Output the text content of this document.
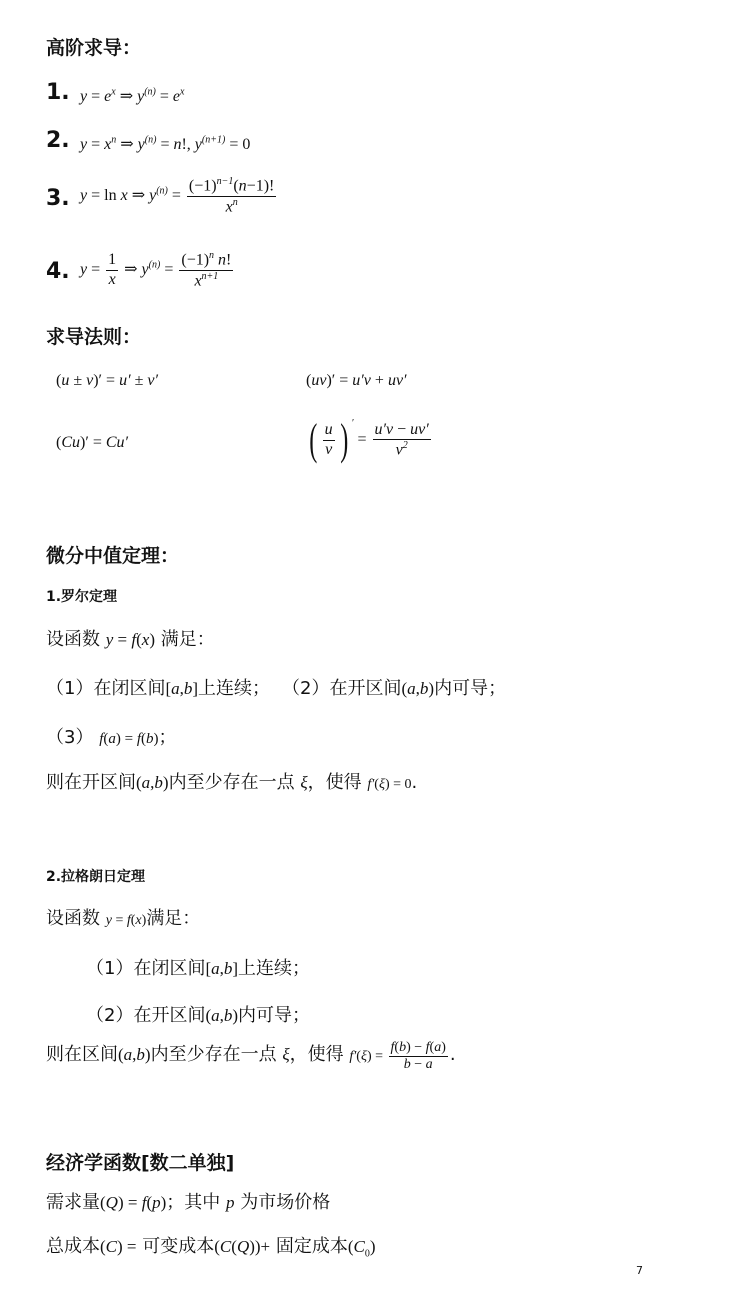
高阶求导：
1. $y = e^x$ ⇒ $y^{(n)} = e^x$
2. $y = x^n$ ⇒ $y^{(n)} = n$!, $y^{(n+1)} = 0$
3. y = ln x ⇒ $y^{(n)} = \frac{(-1)^{n-1}(n-1)!}{x^n}$
4. $y = \frac{1}{x}$ ⇒ $y^{(n)} = \frac{(-1)^n n!}{x^{n+1}}$
求导法则：
(u ± v)′ = u′ ± v′	(uv)′ = u′v + uv′
(Cu)′ = Cu′	( $\frac{u}{v}$ ) $' = \frac{u'v - uv'}{v^2}$
微分中值定理：
1.罗尔定理
设函数 y = f(x) 满足：
（1）在闭区间[a,b]上连续； （2）在开区间(a,b)内可导；
（3） f(a) = f(b)；
则在开区间(a,b)内至少存在一点 ξ，使得 f′(ξ) = 0.
2.拉格朗日定理
设函数 y = f(x)满足：
（1）在闭区间[a,b]上连续；
（2）在开区间(a,b)内可导；
则在区间(a,b)内至少存在一点 ξ，使得 $f'(\xi) = \frac{f(b) - f(a)}{b - a}$ .
经济学函数[数二单独]
需求量(Q) = f(p)；其中 p 为市场价格
总成本(C) = 可变成本(C(Q))+ 固定成本$(C_0)$
7
